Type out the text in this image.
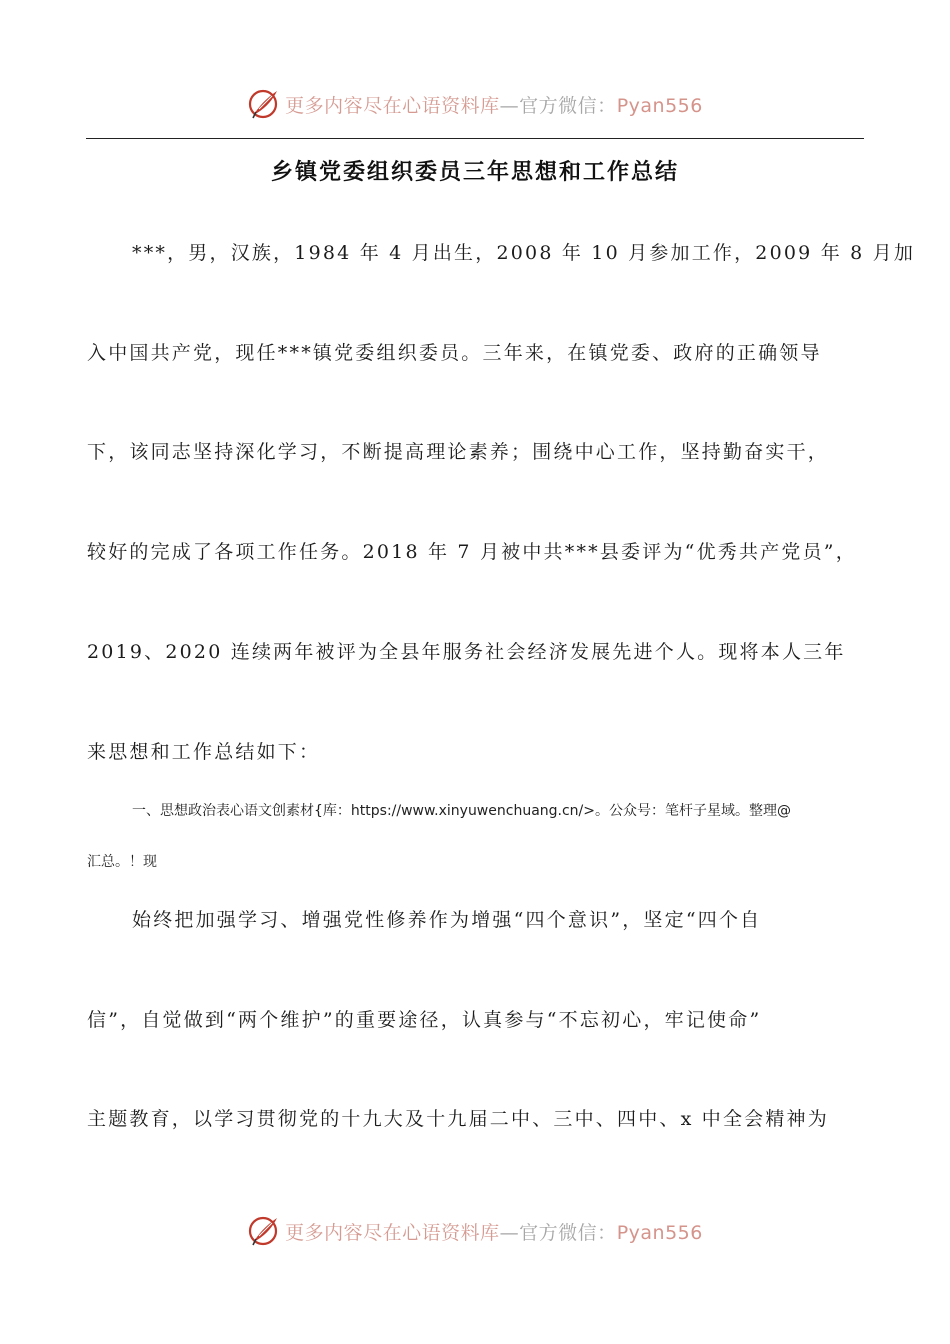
更多内容尽在心语资料库—官方微信：Pyan556
乡镇党委组织委员三年思想和工作总结
***，男，汉族，1984 年 4 月出生，2008 年 10 月参加工作，2009 年 8 月加
入中国共产党，现任***镇党委组织委员。三年来，在镇党委、政府的正确领导
下，该同志坚持深化学习，不断提高理论素养；围绕中心工作，坚持勤奋实干，
较好的完成了各项工作任务。2018 年 7 月被中共***县委评为“优秀共产党员”，
2019、2020 连续两年被评为全县年服务社会经济发展先进个人。现将本人三年
来思想和工作总结如下：
一、思想政治表心语文创素材{库：https://www.xinyuwenchuang.cn/>。公众号：笔杆子星域。整理@
汇总。！现
始终把加强学习、增强党性修养作为增强“四个意识”，坚定“四个自
信”，自觉做到“两个维护”的重要途径，认真参与“不忘初心，牢记使命”
主题教育，以学习贯彻党的十九大及十九届二中、三中、四中、x 中全会精神为
更多内容尽在心语资料库—官方微信：Pyan556
